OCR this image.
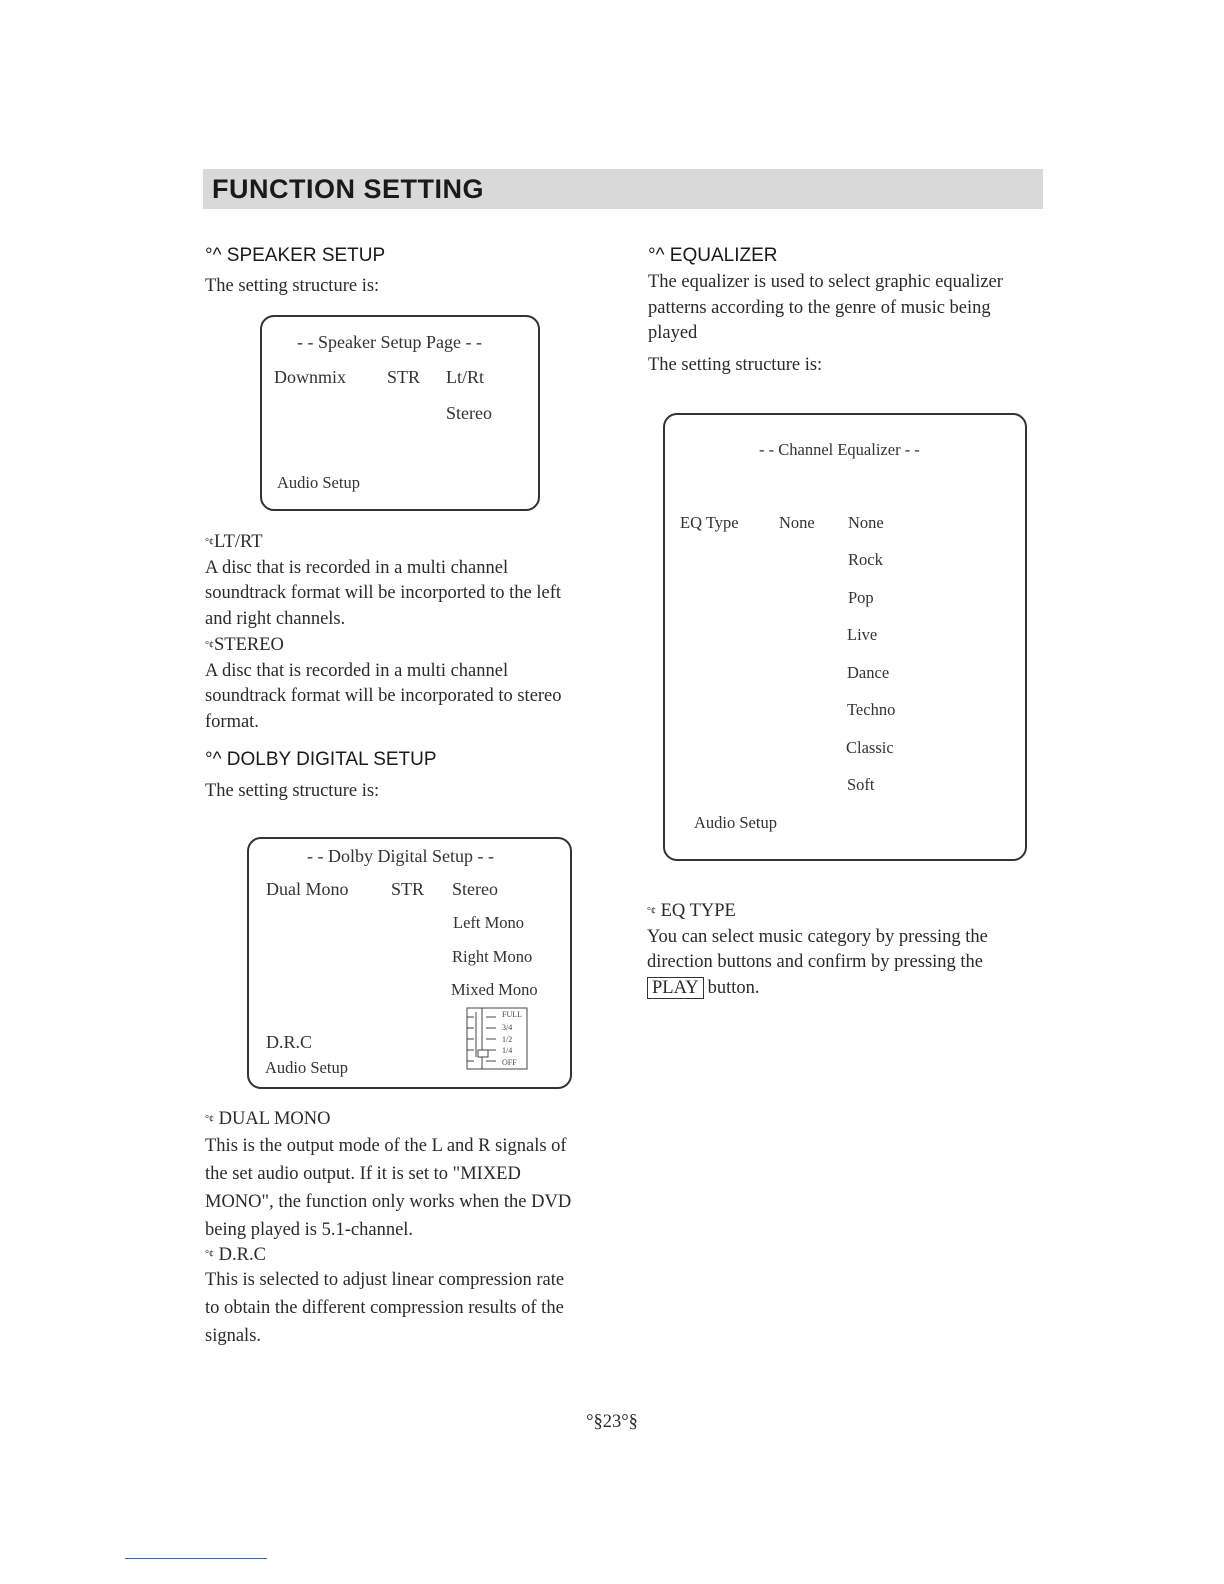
FUNCTION SETTING
°^ SPEAKER SETUP
The setting structure is:
- - Speaker Setup Page - -
Downmix STR Lt/Rt
Stereo
Audio Setup
°¢LT/RT
A disc that is recorded in a multi channel
soundtrack format will be incorported to the left
and right channels.
°¢STEREO
A disc that is recorded in a multi channel
soundtrack format will be incorporated to stereo
format.
°^ DOLBY DIGITAL SETUP
The setting structure is:
- - Dolby Digital Setup - -
Dual Mono STR Stereo
Left Mono
Right Mono
Mixed Mono
D.R.C
Audio Setup
FULL
3/4
1/2
1/4
OFF
°¢ DUAL MONO
This is the output mode of the L and R signals of
the set audio output. If it is set to "MIXED
MONO", the function only works when the DVD
being played is 5.1-channel.
°¢ D.R.C
This is selected to adjust linear compression rate
to obtain the different compression results of the
signals.
°^ EQUALIZER
The equalizer is used to select graphic equalizer
patterns according to the genre of music being
played
The setting structure is:
- - Channel Equalizer - -
EQ Type None None
Rock
Pop
Live
Dance
Techno
Classic
Soft
Audio Setup
°¢ EQ TYPE
You can select music category by pressing the
direction buttons and confirm by pressing the
PLAY button.
°§23°§
